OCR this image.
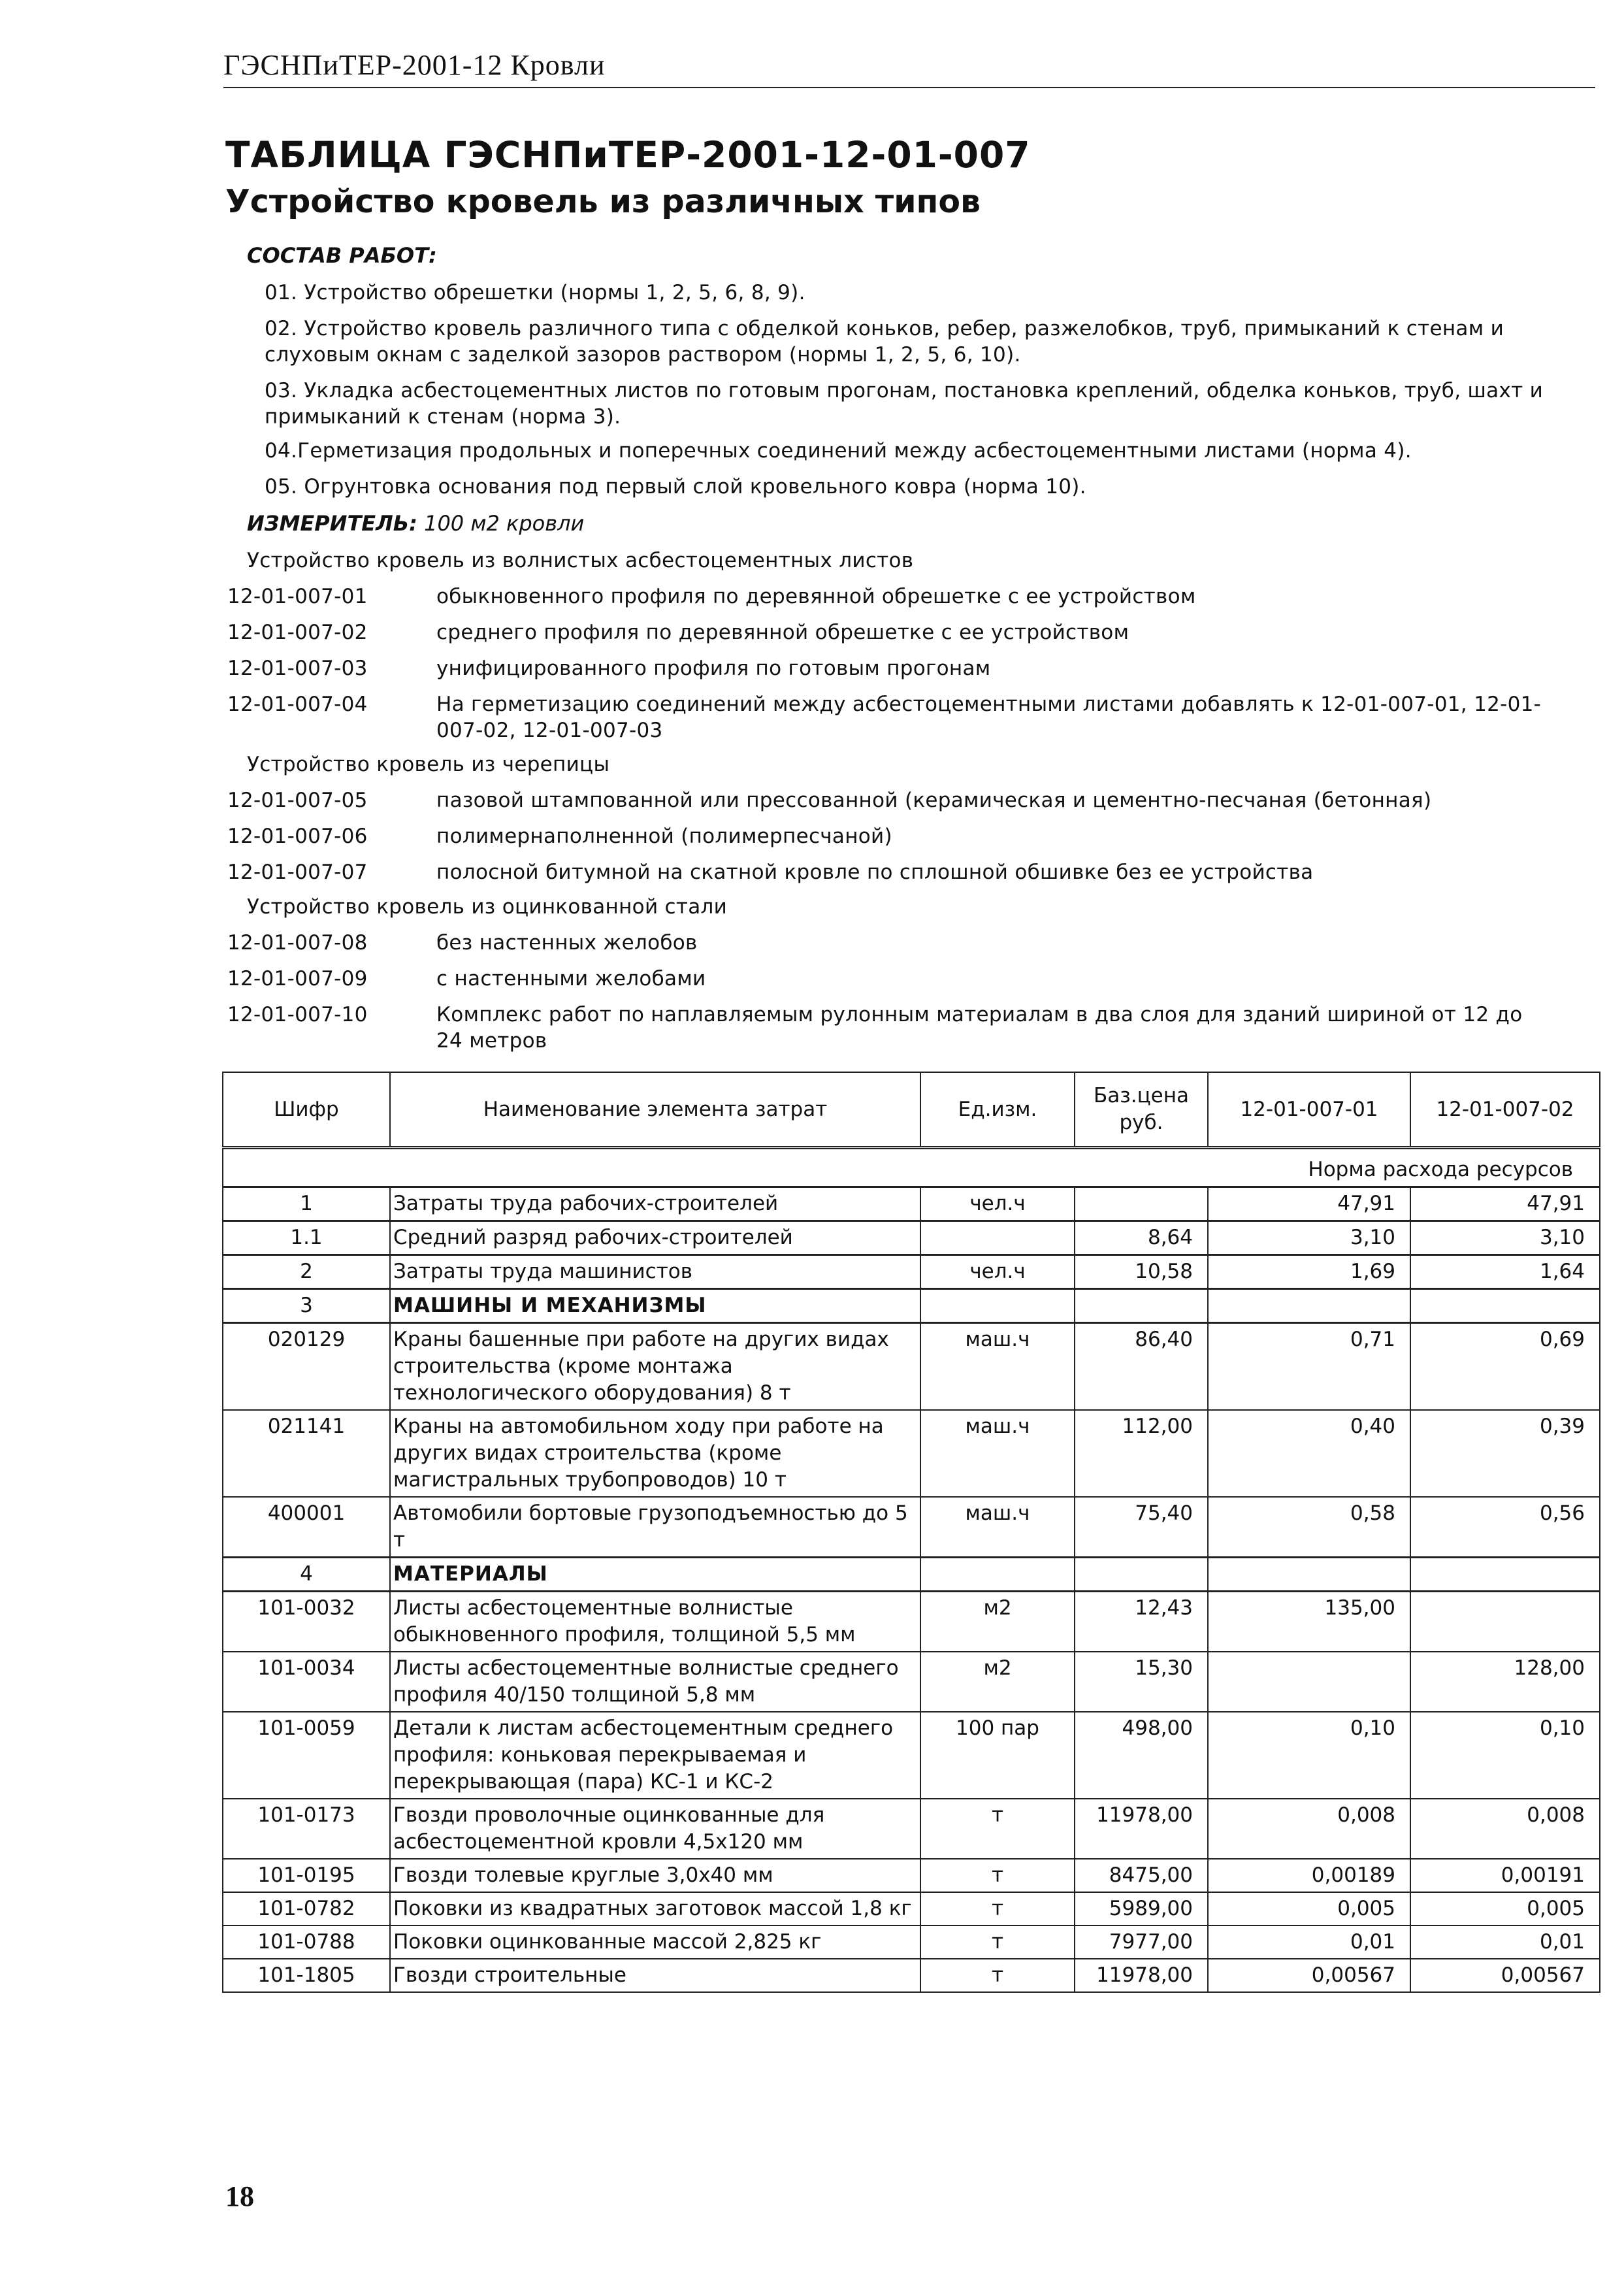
ГЭСНПиТЕР-2001-12 Кровли
ТАБЛИЦА ГЭСНПиТЕР-2001-12-01-007
Устройство кровель из различных типов
СОСТАВ РАБОТ:
01. Устройство обрешетки (нормы 1, 2, 5, 6, 8, 9).
02. Устройство кровель различного типа с обделкой коньков, ребер, разжелобков, труб, примыканий к стенам и слуховым окнам с заделкой зазоров раствором (нормы 1, 2, 5, 6, 10).
03. Укладка асбестоцементных листов по готовым прогонам, постановка креплений, обделка коньков, труб, шахт и примыканий к стенам (норма 3).
04.Герметизация продольных и поперечных соединений между асбестоцементными листами (норма 4).
05. Огрунтовка основания под первый слой кровельного ковра (норма 10).
ИЗМЕРИТЕЛЬ: 100 м2 кровли
Устройство кровель из волнистых асбестоцементных листов
12-01-007-01	обыкновенного профиля по деревянной обрешетке с ее устройством
12-01-007-02	среднего профиля по деревянной обрешетке с ее устройством
12-01-007-03	унифицированного профиля по готовым прогонам
12-01-007-04	На герметизацию соединений между асбестоцементными листами добавлять к 12-01-007-01, 12-01-007-02, 12-01-007-03
Устройство кровель из черепицы
12-01-007-05	пазовой штампованной или прессованной (керамическая и цементно-песчаная (бетонная)
12-01-007-06	полимернаполненной (полимерпесчаной)
12-01-007-07	полосной битумной на скатной кровле по сплошной обшивке без ее устройства
Устройство кровель из оцинкованной стали
12-01-007-08	без настенных желобов
12-01-007-09	с настенными желобами
12-01-007-10	Комплекс работ по наплавляемым рулонным материалам в два слоя для зданий шириной от 12 до 24 метров
Шифр	Наименование элемента затрат	Ед.изм.	Баз.цена руб.	12-01-007-01	12-01-007-02
Норма расхода ресурсов					
1	Затраты труда рабочих-строителей	чел.ч		47,91	47,91
1.1	Средний разряд рабочих-строителей		8,64	3,10	3,10
2	Затраты труда машинистов	чел.ч	10,58	1,69	1,64
3	МАШИНЫ И МЕХАНИЗМЫ				
020129	Краны башенные при работе на других видах строительства (кроме монтажа технологического оборудования) 8 т	маш.ч	86,40	0,71	0,69
021141	Краны на автомобильном ходу при работе на других видах строительства (кроме магистральных трубопроводов) 10 т	маш.ч	112,00	0,40	0,39
400001	Автомобили бортовые грузоподъемностью до 5 т	маш.ч	75,40	0,58	0,56
4	МАТЕРИАЛЫ				
101-0032	Листы асбестоцементные волнистые обыкновенного профиля, толщиной 5,5 мм	м2	12,43	135,00	
101-0034	Листы асбестоцементные волнистые среднего профиля 40/150 толщиной 5,8 мм	м2	15,30		128,00
101-0059	Детали к листам асбестоцементным среднего профиля: коньковая перекрываемая и перекрывающая (пара) КС-1 и КС-2	100 пар	498,00	0,10	0,10
101-0173	Гвозди проволочные оцинкованные для асбестоцементной кровли 4,5x120 мм	т	11978,00	0,008	0,008
101-0195	Гвозди толевые круглые 3,0x40 мм	т	8475,00	0,00189	0,00191
101-0782	Поковки из квадратных заготовок массой 1,8 кг	т	5989,00	0,005	0,005
101-0788	Поковки оцинкованные массой 2,825 кг	т	7977,00	0,01	0,01
101-1805	Гвозди строительные	т	11978,00	0,00567	0,00567
18
